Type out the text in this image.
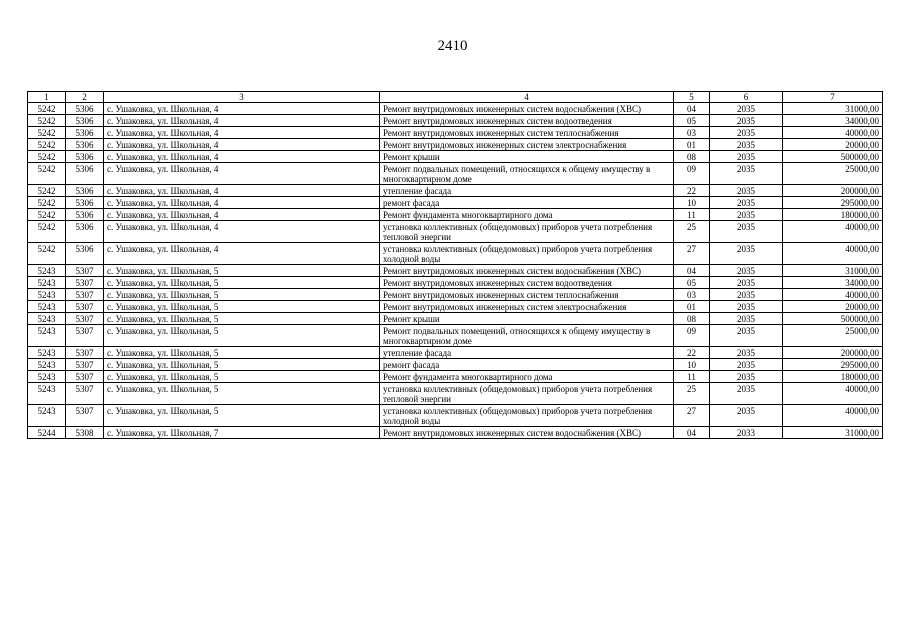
2410
1	2	3	4	5	6	7
5242	5306	с. Ушаковка, ул. Школьная, 4	Ремонт внутридомовых инженерных систем водоснабжения (ХВС)	04	2035	31000,00
5242	5306	с. Ушаковка, ул. Школьная, 4	Ремонт внутридомовых инженерных систем водоотведения	05	2035	34000,00
5242	5306	с. Ушаковка, ул. Школьная, 4	Ремонт внутридомовых инженерных систем теплоснабжения	03	2035	40000,00
5242	5306	с. Ушаковка, ул. Школьная, 4	Ремонт внутридомовых инженерных систем электроснабжения	01	2035	20000,00
5242	5306	с. Ушаковка, ул. Школьная, 4	Ремонт крыши	08	2035	500000,00
5242	5306	с. Ушаковка, ул. Школьная, 4	Ремонт подвальных помещений, относящихся к общему имуществу в многоквартирном доме	09	2035	25000,00
5242	5306	с. Ушаковка, ул. Школьная, 4	утепление фасада	22	2035	200000,00
5242	5306	с. Ушаковка, ул. Школьная, 4	ремонт фасада	10	2035	295000,00
5242	5306	с. Ушаковка, ул. Школьная, 4	Ремонт фундамента многоквартирного дома	11	2035	180000,00
5242	5306	с. Ушаковка, ул. Школьная, 4	установка коллективных (общедомовых) приборов учета потребления тепловой энергии	25	2035	40000,00
5242	5306	с. Ушаковка, ул. Школьная, 4	установка коллективных (общедомовых) приборов учета потребления холодной воды	27	2035	40000,00
5243	5307	с. Ушаковка, ул. Школьная, 5	Ремонт внутридомовых инженерных систем водоснабжения (ХВС)	04	2035	31000,00
5243	5307	с. Ушаковка, ул. Школьная, 5	Ремонт внутридомовых инженерных систем водоотведения	05	2035	34000,00
5243	5307	с. Ушаковка, ул. Школьная, 5	Ремонт внутридомовых инженерных систем теплоснабжения	03	2035	40000,00
5243	5307	с. Ушаковка, ул. Школьная, 5	Ремонт внутридомовых инженерных систем электроснабжения	01	2035	20000,00
5243	5307	с. Ушаковка, ул. Школьная, 5	Ремонт крыши	08	2035	500000,00
5243	5307	с. Ушаковка, ул. Школьная, 5	Ремонт подвальных помещений, относящихся к общему имуществу в многоквартирном доме	09	2035	25000,00
5243	5307	с. Ушаковка, ул. Школьная, 5	утепление фасада	22	2035	200000,00
5243	5307	с. Ушаковка, ул. Школьная, 5	ремонт фасада	10	2035	295000,00
5243	5307	с. Ушаковка, ул. Школьная, 5	Ремонт фундамента многоквартирного дома	11	2035	180000,00
5243	5307	с. Ушаковка, ул. Школьная, 5	установка коллективных (общедомовых) приборов учета потребления тепловой энергии	25	2035	40000,00
5243	5307	с. Ушаковка, ул. Школьная, 5	установка коллективных (общедомовых) приборов учета потребления холодной воды	27	2035	40000,00
5244	5308	с. Ушаковка, ул. Школьная, 7	Ремонт внутридомовых инженерных систем водоснабжения (ХВС)	04	2033	31000,00
